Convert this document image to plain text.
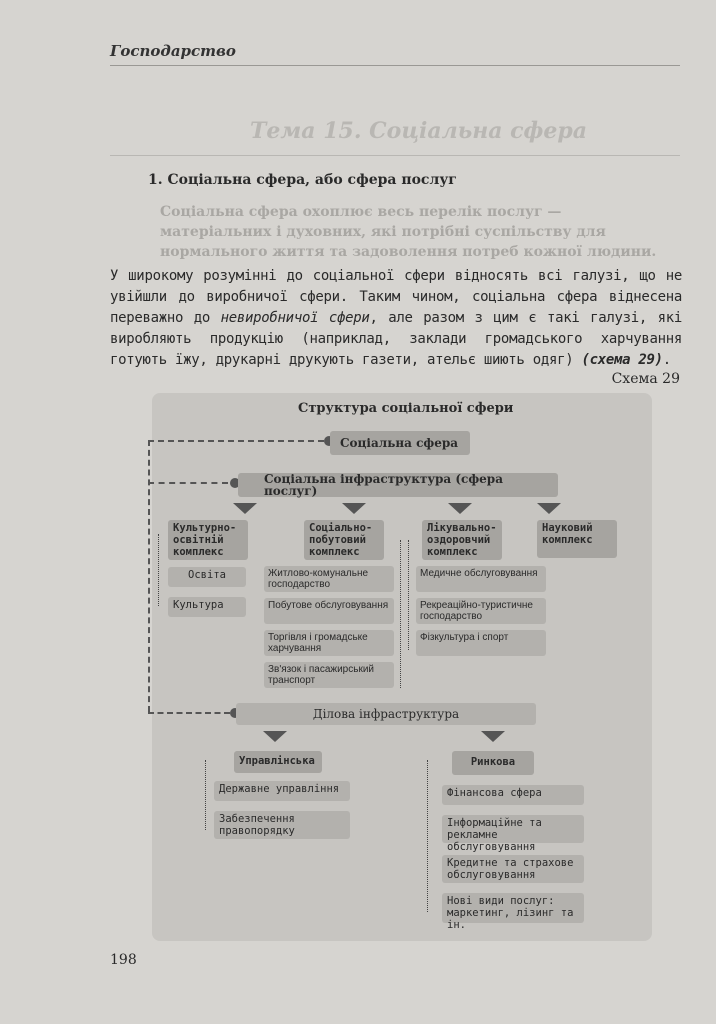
Господарство
Тема 15. Соціальна сфера
1. Соціальна сфера, або сфера послуг
Соціальна сфера охоплює весь перелік послуг — матеріальних і духовних, які потрібні суспільству для нормального життя та задоволення потреб кожної людини.
У широкому розумінні до соціальної сфери відносять всі галузі, що не увійшли до виробничої сфери. Таким чином, соціальна сфера віднесена переважно до невиробничої сфери, але разом з цим є такі галузі, які виробляють продукцію (наприклад, заклади громадського харчування готують їжу, друкарні друкують газети, ательє шиють одяг) (схема 29).
Схема 29
Структура соціальної сфери
Соціальна сфера
Соціальна інфраструктура (сфера послуг)
Культурно-освітній комплекс
Соціально-побутовий комплекс
Лікувально-оздоровчий комплекс
Науковий комплекс
Освіта
Культура
Житлово-комунальне господарство
Побутове обслуговування
Торгівля і громадське харчування
Зв'язок і пасажирський транспорт
Медичне обслуговування
Рекреаційно-туристичне господарство
Фізкультура і спорт
Ділова інфраструктура
Управлінська
Державне управління
Забезпечення правопорядку
Ринкова
Фінансова сфера
Інформаційне та рекламне обслуговування
Кредитне та страхове обслуговування
Нові види послуг: маркетинг, лізинг та ін.
198
